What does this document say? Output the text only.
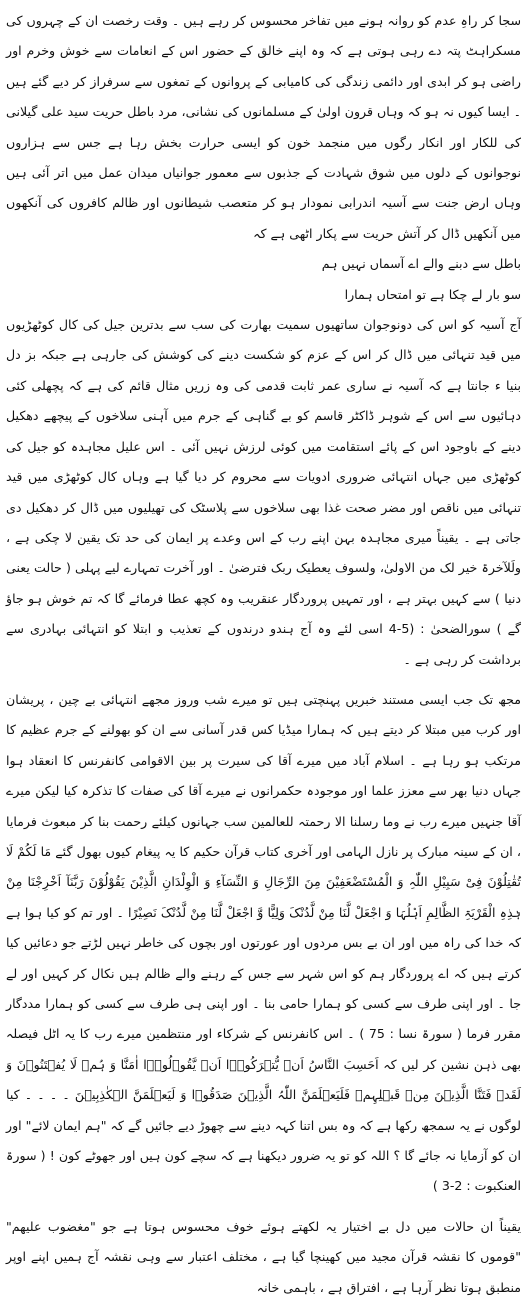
سجا کر راہِ عدم کو روانہ ہونے میں تفاخر محسوس کر رہے ہیں ۔ وقت رخصت ان کے چہروں کی مسکراہٹ پتہ دے رہی ہوتی ہے کہ وہ اپنے خالق کے حضور اس کے انعامات سے خوش وخرم اور راضی ہو کر ابدی اور دائمی زندگی کی کامیابی کے پروانوں کے تمغوں سے سرفراز کر دیے گئے ہیں ۔ ایسا کیوں نہ ہو کہ وہاں قرون اولیٰ کے مسلمانوں کی نشانی، مرد باطل حریت سید علی گیلانی کی للکار اور انکار رگوں میں منجمد خون کو ایسی حرارت بخش رہا ہے جس سے ہزاروں نوجوانوں کے دلوں میں شوق شہادت کے جذبوں سے معمور جوانیاں میدان عمل میں اتر آئی ہیں وہاں ارض جنت سے آسیہ اندرابی نمودار ہو کر متعصب شیطانوں اور ظالم کافروں کی آنکھوں میں آنکھیں ڈال کر آتش حریت سے پکار اٹھی ہے کہ

باطل سے دبنے والے اے آسماں نہیں ہم
سو بار لے چکا ہے تو امتحاں ہمارا

آج آسیہ کو اس کی دونوجوان ساتھیوں سمیت بھارت کی سب سے بدترین جیل کی کال کوٹھڑیوں میں قید تنہائی میں ڈال کر اس کے عزم کو شکست دینے کی کوشش کی جارہی ہے جبکہ بز دل بنیا ء جانتا ہے کہ آسیہ نے ساری عمر ثابت قدمی کی وہ زریں مثال قائم کی ہے کہ پچھلی کئی دہائیوں سے اس کے شوہر ڈاکٹر قاسم کو بے گناہی کے جرم میں آہنی سلاخوں کے پیچھے دھکیل دینے کے باوجود اس کے پائے استقامت میں کوئی لرزش نہیں آئی ۔ اس علیل مجاہدہ کو جیل کی کوٹھڑی میں جہاں انتہائی ضروری ادویات سے محروم کر دیا گیا ہے وہاں کال کوٹھڑی میں قید تنہائی میں ناقص اور مضر صحت غذا بھی سلاخوں سے پلاسٹک کی تھیلیوں میں ڈال کر دھکیل دی جاتی ہے ۔ یقیناً میری مجاہدہ بہن اپنے رب کے اس وعدے پر ایمان کی حد تک یقین لا چکی ہے ، ولَلآخرۃ خیر لک من الاولیٰ، ولسوف یعطیک ربک فترضیٰ ۔ اور آخرت تمہارے لیے پہلی ( حالت یعنی دنیا ) سے کہیں بہتر ہے ، اور تمہیں پروردگار عنقریب وہ کچھ عطا فرمائے گا کہ تم خوش ہو جاؤ گے ) سورالضحیٰ : (5-4 اسی لئے وہ آج ہندو درندوں کے تعذیب و ابتلا کو انتہائی بہادری سے برداشت کر رہی ہے ۔

مجھ تک جب ایسی مستند خبریں پہنچتی ہیں تو میرے شب وروز مجھے انتہائی بے چین ، پریشان اور کرب میں مبتلا کر دیتے ہیں کہ ہمارا میڈیا کس قدر آسانی سے ان کو بھولنے کے جرم عظیم کا مرتکب ہو رہا ہے ۔ اسلام آباد میں میرے آقا کی سیرت پر بین الاقوامی کانفرنس کا انعقاد ہوا جہاں دنیا بھر سے معزز علما اور موجودہ حکمرانوں نے میرے آقا کی صفات کا تذکرہ کیا لیکن میرے آقا جنہیں میرے رب نے وما رسلنا الا رحمتہ للعالمین سب جہانوں کیلئے رحمت بنا کر مبعوث فرمایا ، ان کے سینہ مبارک پر نازل الہامی اور آخری کتاب قرآن حکیم کا یہ پیغام کیوں بھول گئے مَا لَکُمْ لَا تُقٰتِلُوْنَ فِیْ سَبِیْلِ اللّٰہِ وَ الْمُسْتَضْعَفِیْنَ مِنَ الرِّجَالِ وَ النِّسَآءِ وَ الْوِلْدَانِ الَّذِیْنَ یَقُوْلُوْنَ رَبَّنَآ اَخْرِجْنَا مِنْ ہٰذِہِ الْقَرْیَۃِ الظَّالِمِ اَہْلُہَا وَ اجْعَلْ لَّنَا مِنْ لَّدُنْکَ وَلِیًّا وَّ اجْعَلْ لَّنَا مِنْ لَّدُنْکَ نَصِیْرًا ۔ اور تم کو کیا ہوا ہے کہ خدا کی راہ میں اور ان بے بس مردوں اور عورتوں اور بچوں کی خاطر نہیں لڑتے جو دعائیں کیا کرتے ہیں کہ اے پروردگار ہم کو اس شہر سے جس کے رہنے والے ظالم ہیں نکال کر کہیں اور لے جا ۔ اور اپنی طرف سے کسی کو ہمارا حامی بنا ۔ اور اپنی ہی طرف سے کسی کو ہمارا مددگار مقرر فرما ( سورۃ نسا : 75 ) ۔ اس کانفرنس کے شرکاء اور منتظمین میرے رب کا یہ اٹل فیصلہ بھی ذہن نشین کر لیں کہ اَحَسِبَ النَّاسُ اَنۡ یُّتۡرَکُوۡۤا اَنۡ یَّقُوۡلُوۡۤا اٰمَنَّا وَ ہُمۡ لَا یُفۡتَنُوۡنَ وَ لَقَدۡ فَتَنَّا الَّذِیۡنَ مِنۡ قَبۡلِہِمۡ فَلَیَعۡلَمَنَّ اللّٰہُ الَّذِیۡنَ صَدَقُوۡا وَ لَیَعۡلَمَنَّ الۡکٰذِبِیۡنَ ۔ ۔ ۔ ۔ کیا لوگوں نے یہ سمجھ رکھا ہے کہ وہ بس اتنا کہہ دینے سے چھوڑ دیے جائیں گے کہ "ہم ایمان لائے" اور ان کو آزمایا نہ جائے گا ؟ اللہ کو تو یہ ضرور دیکھنا ہے کہ سچے کون ہیں اور جھوٹے کون ! ( سورۃ العنکبوت : 2-3 )

یقیناً ان حالات میں دل بے اختیار یہ لکھتے ہوئے خوف محسوس ہوتا ہے جو "مغضوب علیھم" "قوموں کا نقشہ قرآن مجید میں کھینچا گیا ہے ، مختلف اعتبار سے وہی نقشہ آج ہمیں اپنے اوپر منطبق ہوتا نظر آرہا ہے ، افتراق ہے ، باہمی خانہ
